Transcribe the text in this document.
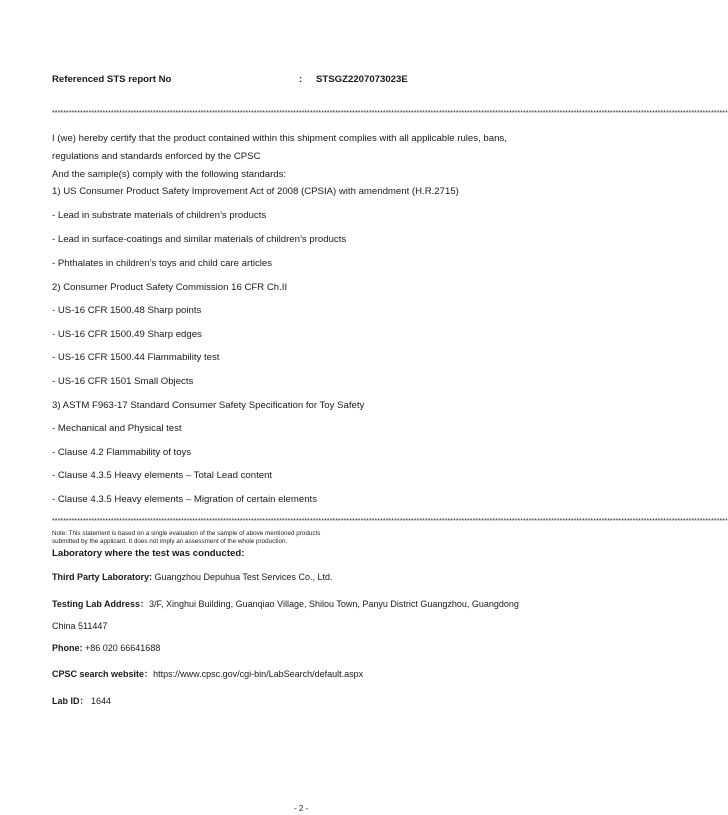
Referenced STS report No	: STSGZ2207073023E
*************************************************************************************************************************************************************************************************************************************************
I (we) hereby certify that the product contained within this shipment complies with all applicable rules, bans,
regulations and standards enforced by the CPSC
And the sample(s) comply with the following standards:
1) US Consumer Product Safety Improvement Act of 2008 (CPSIA) with amendment (H.R.2715)
- Lead in substrate materials of children’s products
- Lead in surface-coatings and similar materials of children’s products
- Phthalates in children’s toys and child care articles
2) Consumer Product Safety Commission 16 CFR Ch.II
- US-16 CFR 1500.48 Sharp points
- US-16 CFR 1500.49 Sharp edges
- US-16 CFR 1500.44 Flammability test
- US-16 CFR 1501 Small Objects
3) ASTM F963-17 Standard Consumer Safety Specification for Toy Safety
- Mechanical and Physical test
- Clause 4.2 Flammability of toys
- Clause 4.3.5 Heavy elements – Total Lead content
- Clause 4.3.5 Heavy elements – Migration of certain elements
*************************************************************************************************************************************************************************************************************************************************
Note: This statement is based on a single evaluation of the sample of above mentioned products
submitted by the applicant. It does not imply an assessment of the whole production.
Laboratory where the test was conducted:
Third Party Laboratory: Guangzhou Depuhua Test Services Co., Ltd.
Testing Lab Address：3/F, Xinghui Building, Guanqiao Village, Shilou Town, Panyu District Guangzhou, Guangdong
China 511447
Phone: +86 020 66641688
CPSC search website：https://www.cpsc.gov/cgi-bin/LabSearch/default.aspx
Lab ID： 1644
- 2 -
